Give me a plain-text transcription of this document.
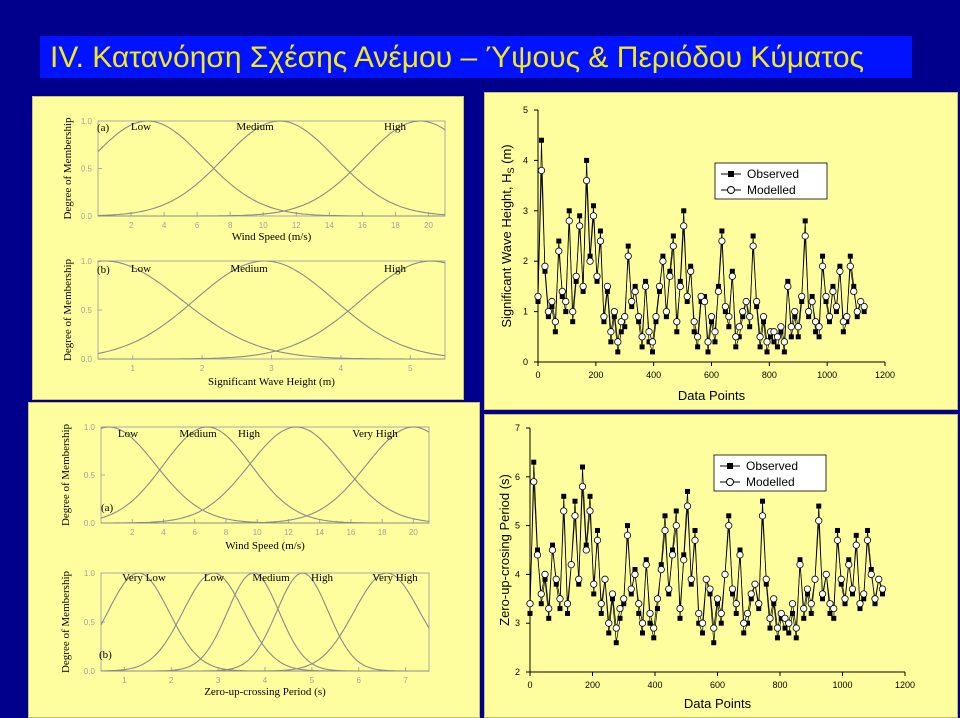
IV. Κατανόηση Σχέσης Ανέμου – Ύψους & Περιόδου Κύματος
0.0
0.5
1.0
2	4	6	8	10	12	14	16	18	20
Low	Medium	High
(a)
Wind Speed (m/s)
Degree of Membership
0.0
0.5
1.0
1	2	3	4	5
Low	Medium	High
(b)
Significant Wave Height (m)
Degree of Membership
0.0
0.5
1.0
2	4	6	8	10	12	14	16	18	20
Low	Medium High	Very High
(a)
Wind Speed (m/s)
Degree of Membership
0.0
0.5
1.0
1	2	3	4	5	6	7
Very Low	Low	Medium High	Very High
(b)
Zero-up-crossing Period (s)
Degree of Membership
0
1
2
3
4
5
0	200	400	600	800	1000	1200
Observed
Modelled
Data Points
Significant Wave Height, $H_S$ (m)
2
3
4
5
6
7
0	200	400	600	800	1000	1200
Observed
Modelled
Data Points
Zero-up-crosing Period (s)
